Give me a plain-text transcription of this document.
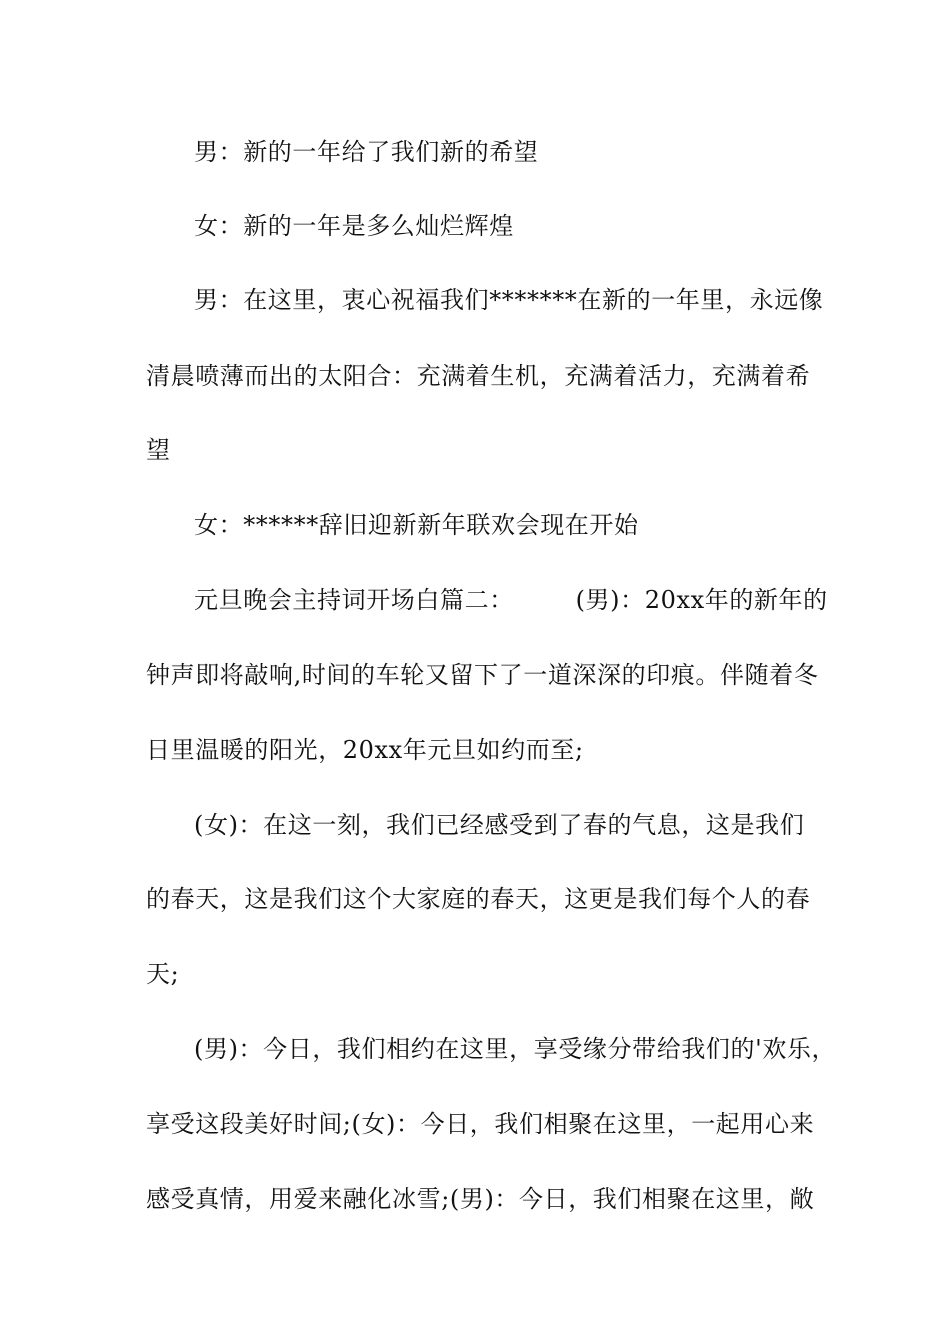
男：新的一年给了我们新的希望
女：新的一年是多么灿烂辉煌
男：在这里，衷心祝福我们*******在新的一年里，永远像
清晨喷薄而出的太阳合：充满着生机，充满着活力，充满着希
望
女：******辞旧迎新新年联欢会现在开始
元旦晚会主持词开场白篇二：　　　(男)：20xx年的新年的
钟声即将敲响,时间的车轮又留下了一道深深的印痕。伴随着冬
日里温暖的阳光，20xx年元旦如约而至;
(女)：在这一刻，我们已经感受到了春的气息，这是我们
的春天，这是我们这个大家庭的春天，这更是我们每个人的春
天;
(男)：今日，我们相约在这里，享受缘分带给我们的'欢乐，
享受这段美好时间;(女)：今日，我们相聚在这里，一起用心来
感受真情，用爱来融化冰雪;(男)：今日，我们相聚在这里，敞
